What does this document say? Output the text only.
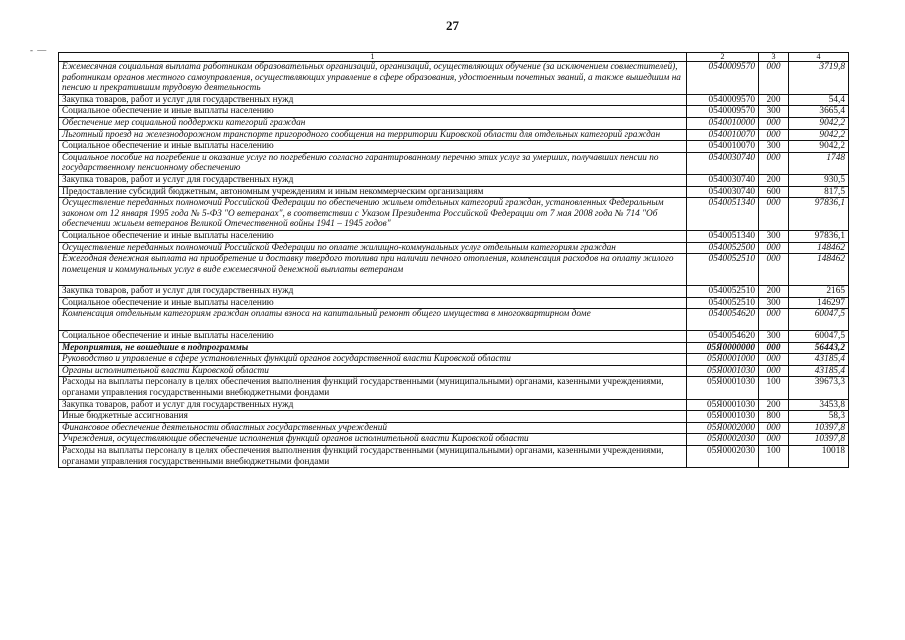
27
- —
1	2	3	4
Ежемесячная социальная выплата работникам образовательных организаций, организаций, осуществляющих обучение (за исключением совместителей), работникам органов местного самоуправления, осуществляющих управление в сфере образования, удостоенным почетных званий, а также вышедшим на пенсию и прекратившим трудовую деятельность	0540009570	000	3719,8
Закупка товаров, работ и услуг для государственных нужд	0540009570	200	54,4
Социальное обеспечение и иные выплаты населению	0540009570	300	3665,4
Обеспечение мер социальной поддержки категорий граждан	0540010000	000	9042,2
Льготный проезд на железнодорожном транспорте пригородного сообщения на территории Кировской области для отдельных категорий граждан	0540010070	000	9042,2
Социальное обеспечение и иные выплаты населению	0540010070	300	9042,2
Социальное пособие на погребение и оказание услуг по погребению согласно гарантированному перечню этих услуг за умерших, получавших пенсии по государственному пенсионному обеспечению	0540030740	000	1748
Закупка товаров, работ и услуг для государственных нужд	0540030740	200	930,5
Предоставление субсидий бюджетным, автономным учреждениям и иным некоммерческим организациям	0540030740	600	817,5
Осуществление переданных полномочий Российской Федерации по обеспечению жильем отдельных категорий граждан, установленных Федеральным законом от 12 января 1995 года № 5-ФЗ "О ветеранах", в соответствии с Указом Президента Российской Федерации от 7 мая 2008 года № 714 "Об обеспечении жильем ветеранов Великой Отечественной войны 1941 – 1945 годов"	0540051340	000	97836,1
Социальное обеспечение и иные выплаты населению	0540051340	300	97836,1
Осуществление переданных полномочий Российской Федерации по оплате жилищно-коммунальных услуг отдельным категориям граждан	0540052500	000	148462
Ежегодная денежная выплата на приобретение и доставку твердого топлива при наличии печного отопления, компенсация расходов на оплату жилого помещения и коммунальных услуг в виде ежемесячной денежной выплаты ветеранам	0540052510	000	148462
Закупка товаров, работ и услуг для государственных нужд	0540052510	200	2165
Социальное обеспечение и иные выплаты населению	0540052510	300	146297
Компенсация отдельным категориям граждан оплаты взноса на капитальный ремонт общего имущества в многоквартирном доме	0540054620	000	60047,5
Социальное обеспечение и иные выплаты населению	0540054620	300	60047,5
Мероприятия, не вошедшие в подпрограммы	05Я0000000	000	56443,2
Руководство и управление в сфере установленных функций органов государственной власти Кировской области	05Я0001000	000	43185,4
Органы исполнительной власти Кировской области	05Я0001030	000	43185,4
Расходы на выплаты персоналу в целях обеспечения выполнения функций государственными (муниципальными) органами, казенными учреждениями, органами управления государственными внебюджетными фондами	05Я0001030	100	39673,3
Закупка товаров, работ и услуг для государственных нужд	05Я0001030	200	3453,8
Иные бюджетные ассигнования	05Я0001030	800	58,3
Финансовое обеспечение деятельности областных государственных учреждений	05Я0002000	000	10397,8
Учреждения, осуществляющие обеспечение исполнения функций органов исполнительной власти Кировской области	05Я0002030	000	10397,8
Расходы на выплаты персоналу в целях обеспечения выполнения функций государственными (муниципальными) органами, казенными учреждениями, органами управления государственными внебюджетными фондами	05Я0002030	100	10018
